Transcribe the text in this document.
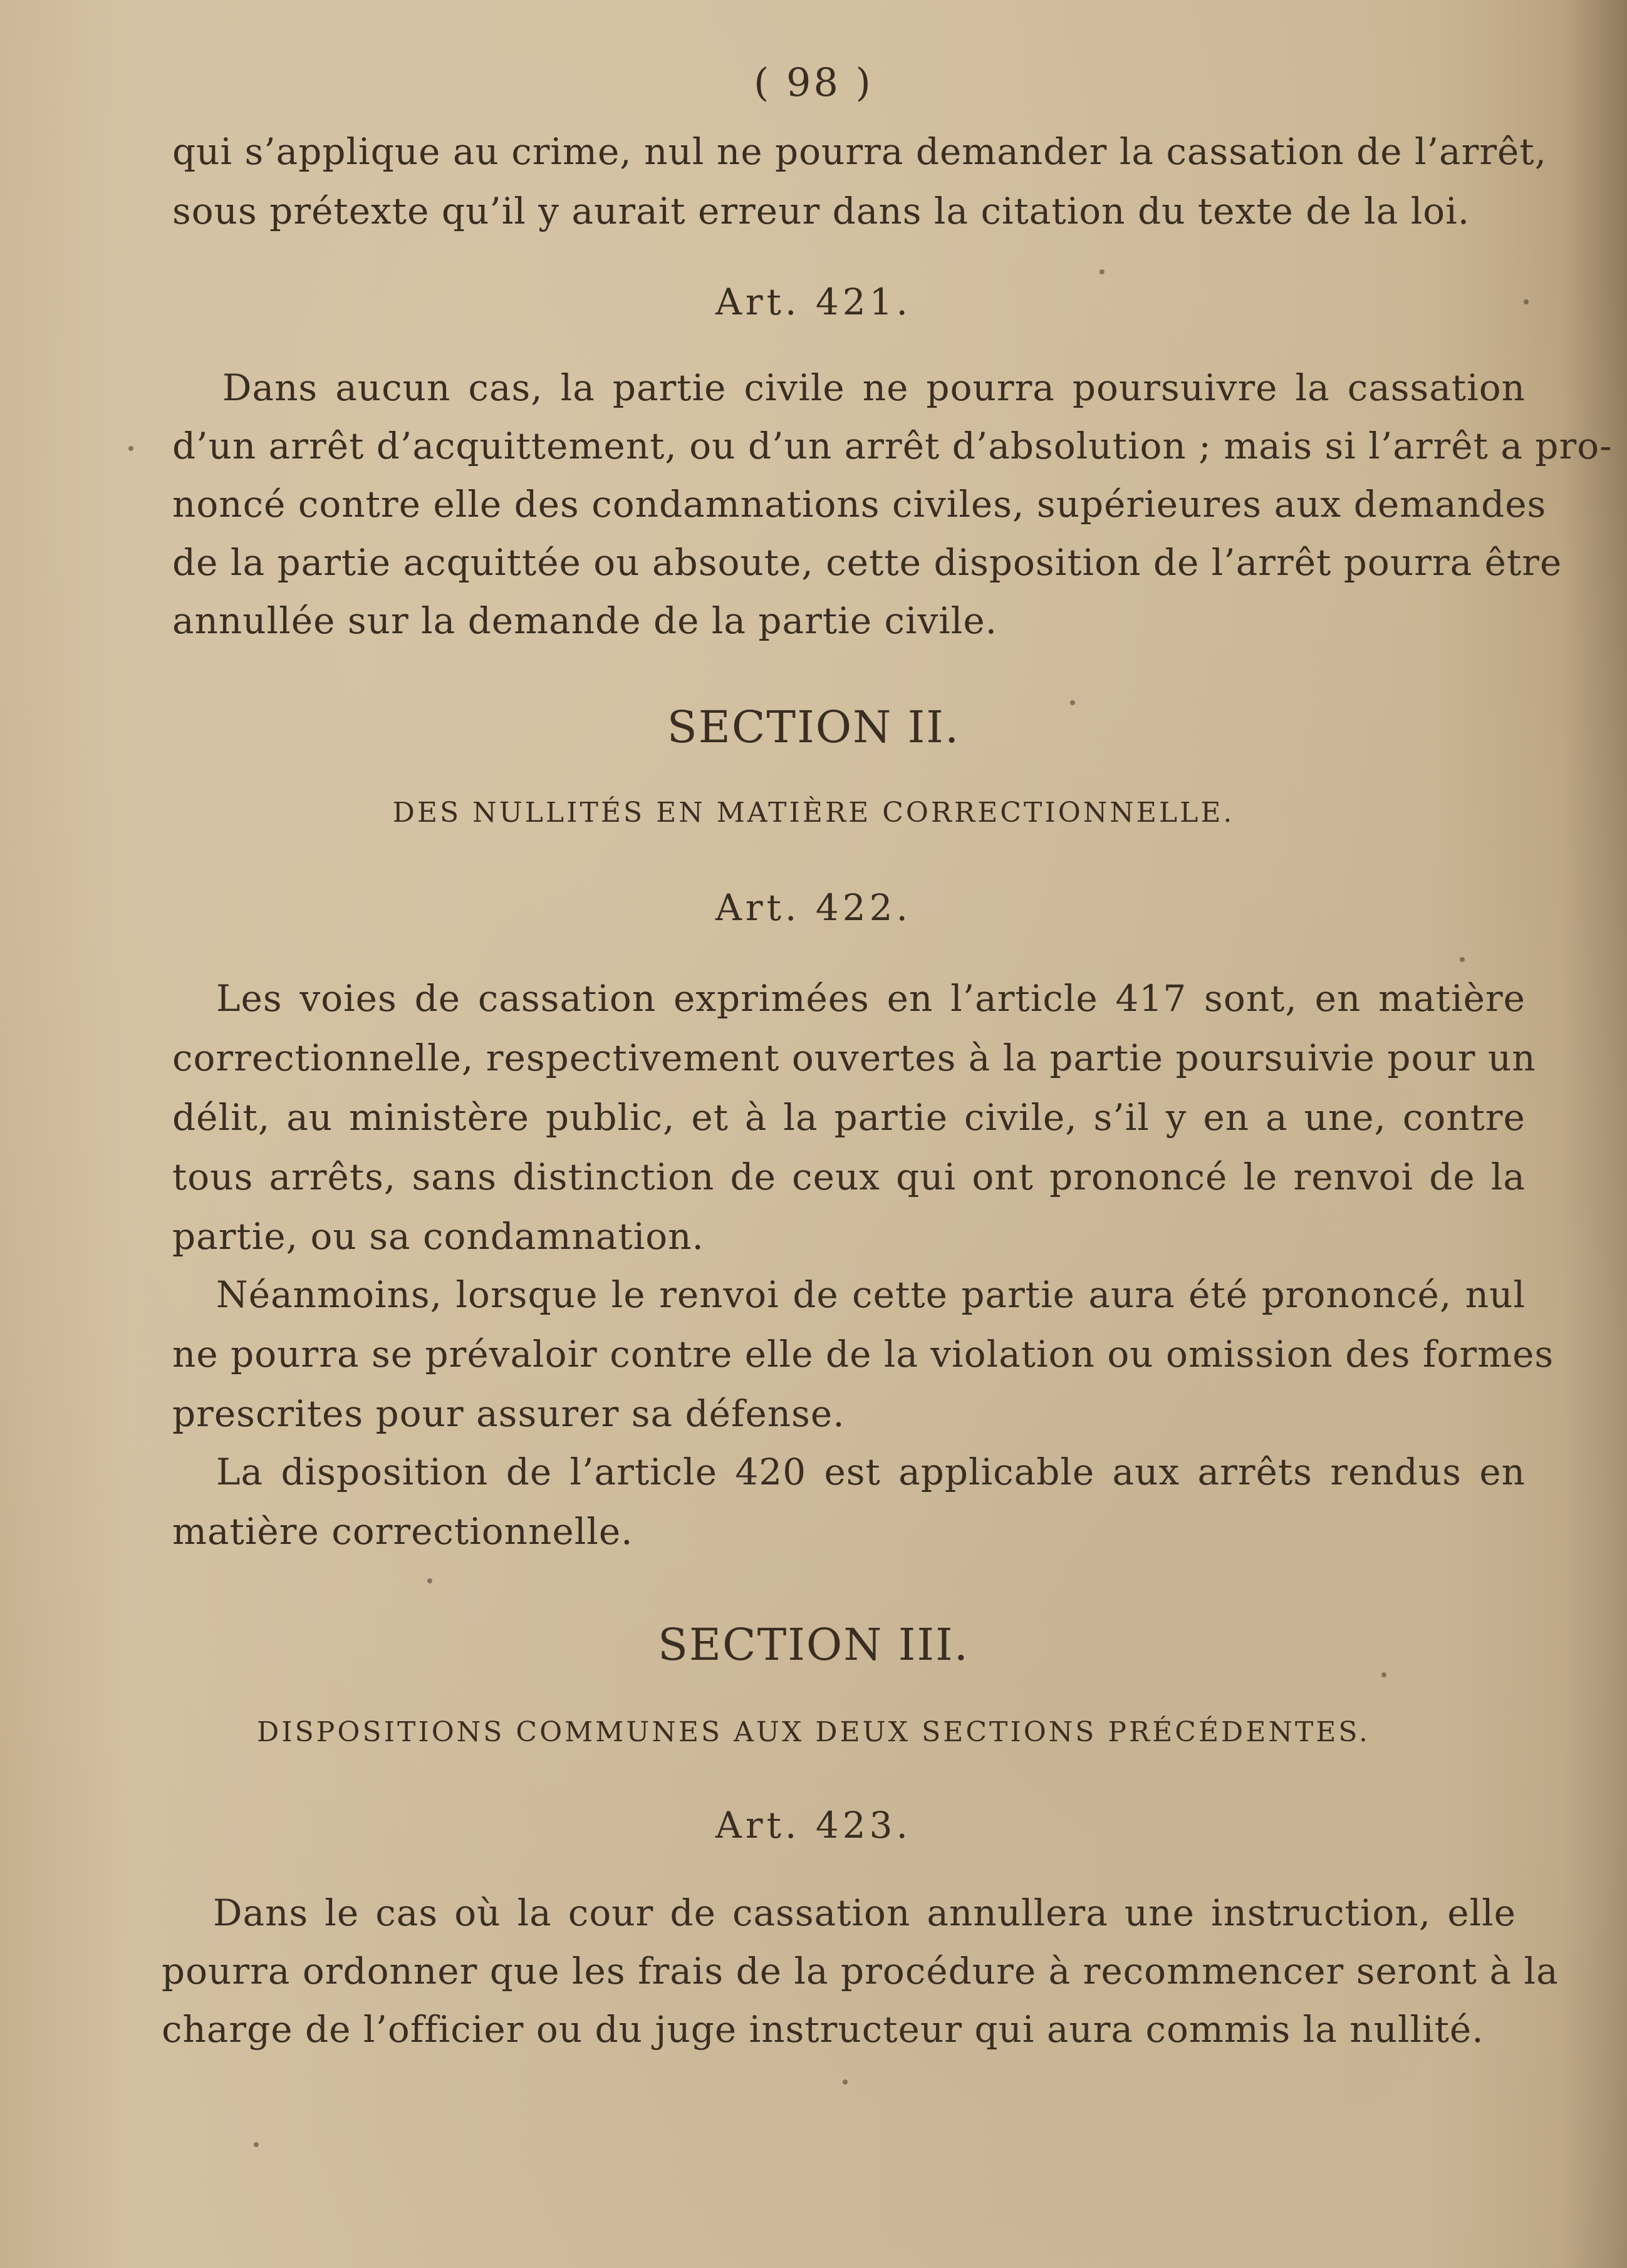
( 98 )
qui s’applique au crime, nul ne pourra demander la cassation de l’arrêt,
sous prétexte qu’il y aurait erreur dans la citation du texte de la loi.
Art. 421.
Dans aucun cas, la partie civile ne pourra poursuivre la cassation
d’un arrêt d’acquittement, ou d’un arrêt d’absolution ; mais si l’arrêt a pro-
noncé contre elle des condamnations civiles, supérieures aux demandes
de la partie acquittée ou absoute, cette disposition de l’arrêt pourra être
annullée sur la demande de la partie civile.
SECTION II.
DES NULLITÉS EN MATIÈRE CORRECTIONNELLE.
Art. 422.
Les voies de cassation exprimées en l’article 417 sont, en matière
correctionnelle, respectivement ouvertes à la partie poursuivie pour un
délit, au ministère public, et à la partie civile, s’il y en a une, contre
tous arrêts, sans distinction de ceux qui ont prononcé le renvoi de la
partie, ou sa condamnation.
Néanmoins, lorsque le renvoi de cette partie aura été prononcé, nul
ne pourra se prévaloir contre elle de la violation ou omission des formes
prescrites pour assurer sa défense.
La disposition de l’article 420 est applicable aux arrêts rendus en
matière correctionnelle.
SECTION III.
DISPOSITIONS COMMUNES AUX DEUX SECTIONS PRÉCÉDENTES.
Art. 423.
Dans le cas où la cour de cassation annullera une instruction, elle
pourra ordonner que les frais de la procédure à recommencer seront à la
charge de l’officier ou du juge instructeur qui aura commis la nullité.
